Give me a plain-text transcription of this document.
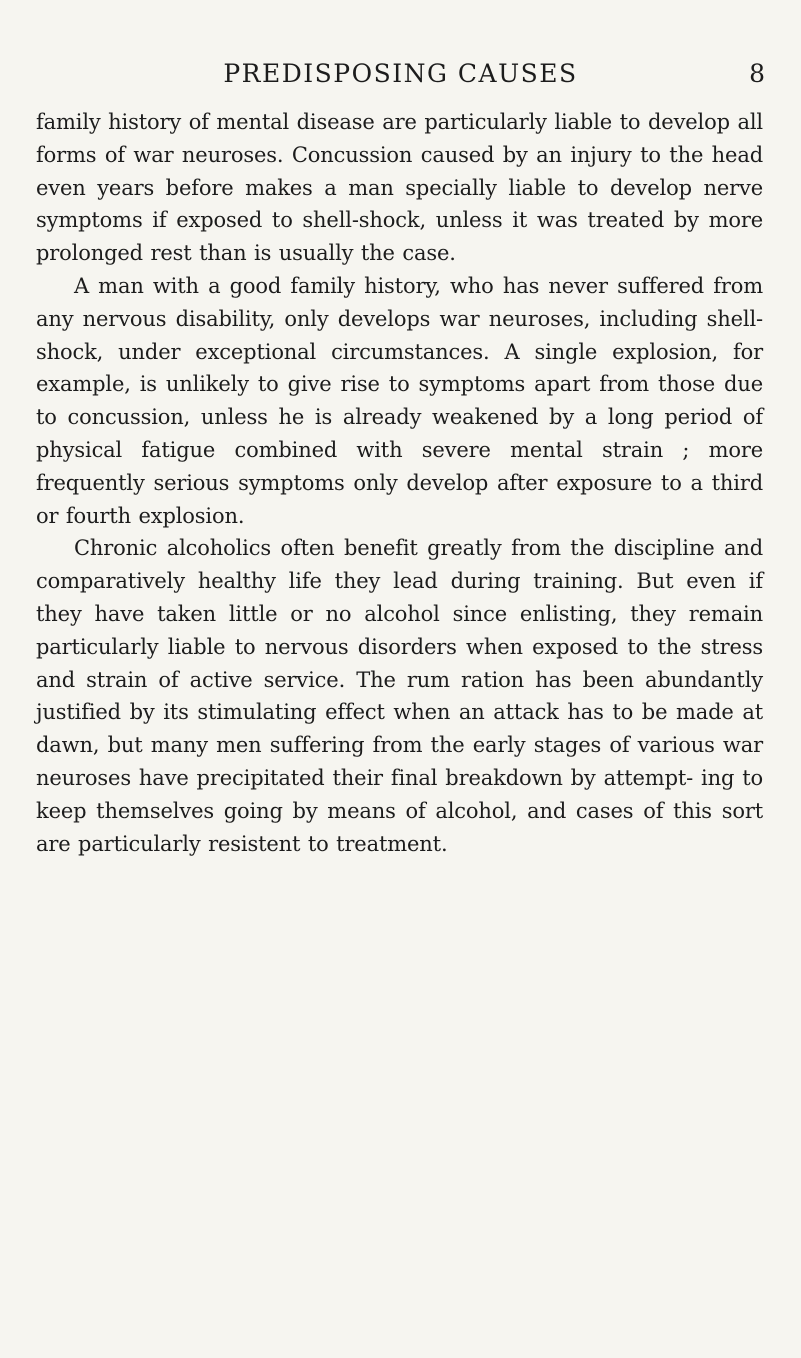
PREDISPOSING CAUSES	8

family history of mental disease are particularly liable to develop all forms of war neuroses. Concussion caused by an injury to the head even years before makes a man specially liable to develop nerve symptoms if exposed to shell-shock, unless it was treated by more prolonged rest than is usually the case.

A man with a good family history, who has never suffered from any nervous disability, only develops war neuroses, including shell-shock, under exceptional circumstances. A single explosion, for example, is unlikely to give rise to symptoms apart from those due to concussion, unless he is already weakened by a long period of physical fatigue combined with severe mental strain ; more frequently serious symptoms only develop after exposure to a third or fourth explosion.

Chronic alcoholics often benefit greatly from the discipline and comparatively healthy life they lead during training. But even if they have taken little or no alcohol since enlisting, they remain particularly liable to nervous disorders when exposed to the stress and strain of active service. The rum ration has been abundantly justified by its stimulating effect when an attack has to be made at dawn, but many men suffering from the early stages of various war neuroses have precipitated their final breakdown by attempt- ing to keep themselves going by means of alcohol, and cases of this sort are particularly resistent to treatment.
